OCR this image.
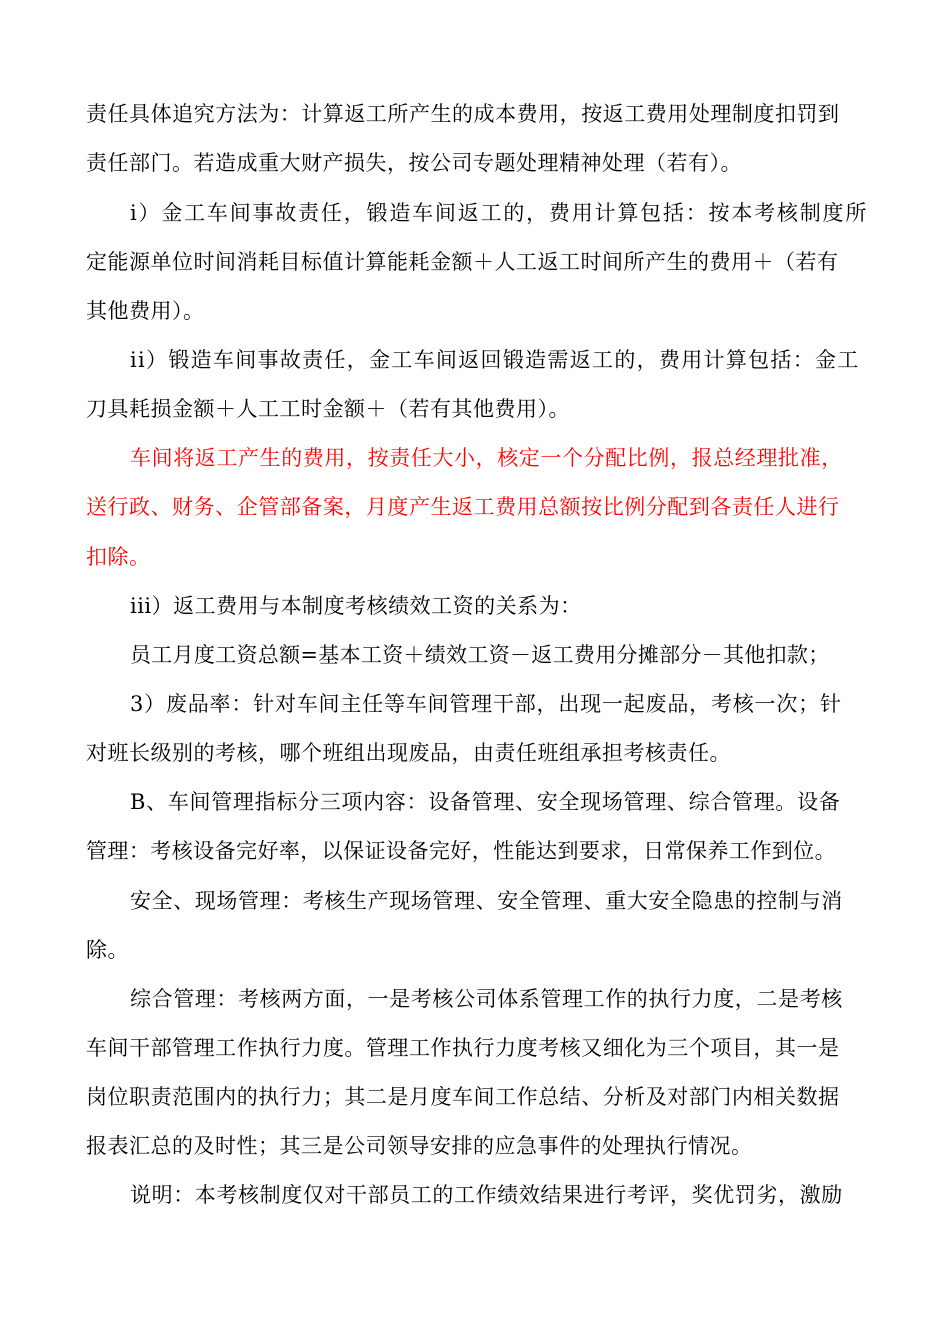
责任具体追究方法为：计算返工所产生的成本费用，按返工费用处理制度扣罚到
责任部门。若造成重大财产损失，按公司专题处理精神处理（若有）。
i）金工车间事故责任，锻造车间返工的，费用计算包括：按本考核制度所
定能源单位时间消耗目标值计算能耗金额＋人工返工时间所产生的费用＋（若有
其他费用）。
ii）锻造车间事故责任，金工车间返回锻造需返工的，费用计算包括：金工
刀具耗损金额＋人工工时金额＋（若有其他费用）。
车间将返工产生的费用，按责任大小，核定一个分配比例，报总经理批准，
送行政、财务、企管部备案，月度产生返工费用总额按比例分配到各责任人进行
扣除。
iii）返工费用与本制度考核绩效工资的关系为：
员工月度工资总额=基本工资＋绩效工资－返工费用分摊部分－其他扣款；
3）废品率：针对车间主任等车间管理干部，出现一起废品，考核一次；针
对班长级别的考核，哪个班组出现废品，由责任班组承担考核责任。
B、车间管理指标分三项内容：设备管理、安全现场管理、综合管理。设备
管理：考核设备完好率，以保证设备完好，性能达到要求，日常保养工作到位。
安全、现场管理：考核生产现场管理、安全管理、重大安全隐患的控制与消
除。
综合管理：考核两方面，一是考核公司体系管理工作的执行力度，二是考核
车间干部管理工作执行力度。管理工作执行力度考核又细化为三个项目，其一是
岗位职责范围内的执行力；其二是月度车间工作总结、分析及对部门内相关数据
报表汇总的及时性；其三是公司领导安排的应急事件的处理执行情况。
说明：本考核制度仅对干部员工的工作绩效结果进行考评，奖优罚劣，激励
